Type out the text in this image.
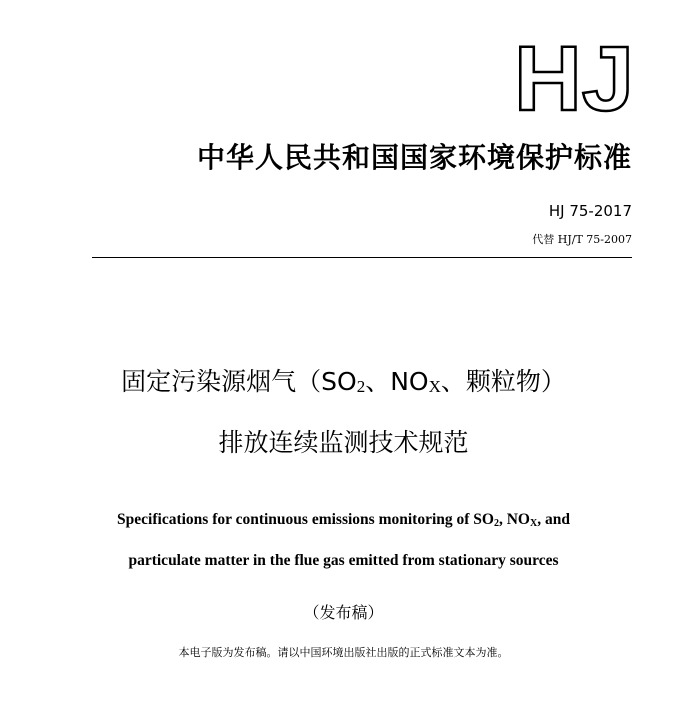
HJ
中华人民共和国国家环境保护标准
HJ 75-2017
代替 HJ/T 75-2007
固定污染源烟气（SO2、NOX、颗粒物）
排放连续监测技术规范
Specifications for continuous emissions monitoring of $SO_2$, $NO_X$, and
particulate matter in the flue gas emitted from stationary sources
（发布稿）
本电子版为发布稿。请以中国环境出版社出版的正式标准文本为准。
